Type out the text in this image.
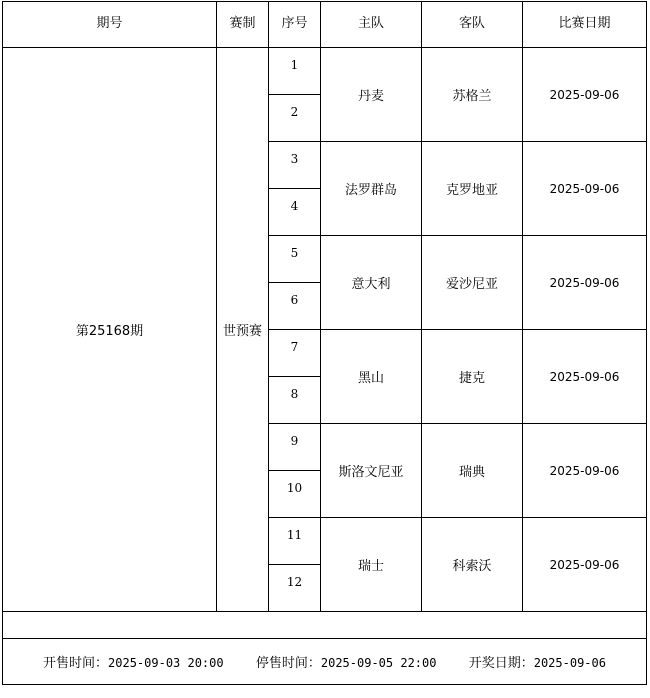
期号	赛制	序号	主队	客队	比赛日期
第25168期	世预赛	1	丹麦	苏格兰	2025-09-06
		2			
		3	法罗群岛	克罗地亚	2025-09-06
		4			
		5	意大利	爱沙尼亚	2025-09-06
		6			
		7	黑山	捷克	2025-09-06
		8			
		9	斯洛文尼亚	瑞典	2025-09-06
		10			
		11	瑞士	科索沃	2025-09-06
		12			

开售时间：2025-09-03 20:00 停售时间：2025-09-05 22:00 开奖日期：2025-09-06					
